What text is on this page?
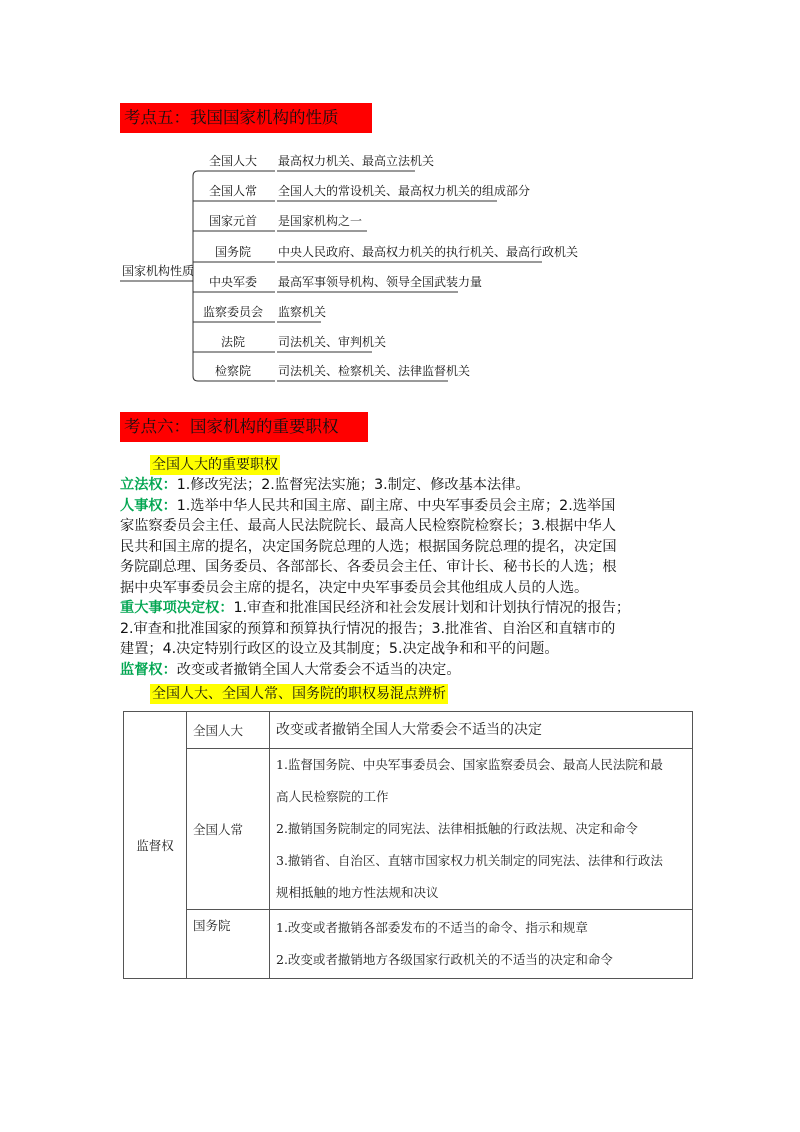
考点五：我国国家机构的性质
国家机构性质
全国人大	最高权力机关、最高立法机关
全国人常	全国人大的常设机关、最高权力机关的组成部分
国家元首	是国家机构之一
国务院	中央人民政府、最高权力机关的执行机关、最高行政机关
中央军委	最高军事领导机构、领导全国武装力量
监察委员会	监察机关
法院	司法机关、审判机关
检察院	司法机关、检察机关、法律监督机关
考点六：国家机构的重要职权
全国人大的重要职权
立法权：1.修改宪法；2.监督宪法实施；3.制定、修改基本法律。
人事权：1.选举中华人民共和国主席、副主席、中央军事委员会主席；2.选举国
家监察委员会主任、最高人民法院院长、最高人民检察院检察长；3.根据中华人
民共和国主席的提名，决定国务院总理的人选；根据国务院总理的提名，决定国
务院副总理、国务委员、各部部长、各委员会主任、审计长、秘书长的人选；根
据中央军事委员会主席的提名，决定中央军事委员会其他组成人员的人选。
重大事项决定权：1.审查和批准国民经济和社会发展计划和计划执行情况的报告；
2.审查和批准国家的预算和预算执行情况的报告；3.批准省、自治区和直辖市的
建置；4.决定特别行政区的设立及其制度；5.决定战争和和平的问题。
监督权：改变或者撤销全国人大常委会不适当的决定。
全国人大、全国人常、国务院的职权易混点辨析
监督权	全国人大	改变或者撤销全国人大常委会不适当的决定

	全国人常	1.监督国务院、中央军事委员会、国家监察委员会、最高人民法院和最

高人民检察院的工作

2.撤销国务院制定的同宪法、法律相抵触的行政法规、决定和命令

3.撤销省、自治区、直辖市国家权力机关制定的同宪法、法律和行政法

规相抵触的地方性法规和决议

	国务院	1.改变或者撤销各部委发布的不适当的命令、指示和规章

2.改变或者撤销地方各级国家行政机关的不适当的决定和命令
